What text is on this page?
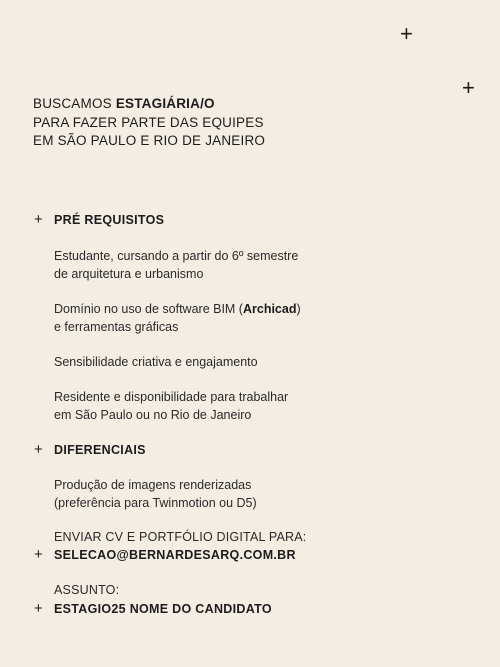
+
+
BUSCAMOS ESTAGIÁRIA/O
PARA FAZER PARTE DAS EQUIPES
EM SÃO PAULO E RIO DE JANEIRO
+ PRÉ REQUISITOS
Estudante, cursando a partir do 6º semestre
de arquitetura e urbanismo
Domínio no uso de software BIM (Archicad)
e ferramentas gráficas
Sensibilidade criativa e engajamento
Residente e disponibilidade para trabalhar
em São Paulo ou no Rio de Janeiro
+ DIFERENCIAIS
Produção de imagens renderizadas
(preferência para Twinmotion ou D5)
ENVIAR CV E PORTFÓLIO DIGITAL PARA:
+ SELECAO@BERNARDESARQ.COM.BR
ASSUNTO:
+ ESTAGIO25 NOME DO CANDIDATO
